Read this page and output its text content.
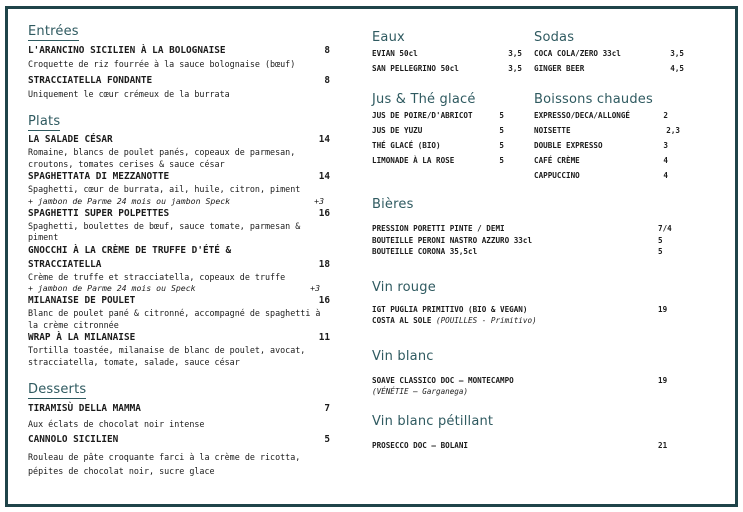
Entrées
L'ARANCINO SICILIEN À LA BOLOGNAISE	8
Croquette de riz fourrée à la sauce bolognaise (bœuf)
STRACCIATELLA FONDANTE	8
Uniquement le cœur crémeux de la burrata
Plats
LA SALADE CÉSAR	14
Romaine, blancs de poulet panés, copeaux de parmesan, croutons, tomates cerises & sauce césar
SPAGHETTATA DI MEZZANOTTE	14
Spaghetti, cœur de burrata, ail, huile, citron, piment
+ jambon de Parme 24 mois ou jambon Speck	+3
SPAGHETTI SUPER POLPETTES	16
Spaghetti, boulettes de bœuf, sauce tomate, parmesan & piment
GNOCCHI À LA CRÈME DE TRUFFE D'ÉTÉ &
STRACCIATELLA	18
Crème de truffe et stracciatella, copeaux de truffe
+ jambon de Parme 24 mois ou Speck	+3
MILANAISE DE POULET	16
Blanc de poulet pané & citronné, accompagné de spaghetti à la crème citronnée
WRAP À LA MILANAISE	11
Tortilla toastée, milanaise de blanc de poulet, avocat, stracciatella, tomate, salade, sauce césar
Desserts
TIRAMISÙ DELLA MAMMA	7
Aux éclats de chocolat noir intense
CANNOLO SICILIEN	5
Rouleau de pâte croquante farci à la crème de ricotta, pépites de chocolat noir, sucre glace
Eaux
EVIAN 50cl	3,5
SAN PELLEGRINO 50cl	3,5
Jus & Thé glacé
JUS DE POIRE/D'ABRICOT	5
JUS DE YUZU	5
THÉ GLACÉ (BIO)	5
LIMONADE À LA ROSE	5
Sodas
COCA COLA/ZERO 33cl	3,5
GINGER BEER	4,5
Boissons chaudes
EXPRESSO/DECA/ALLONGÉ	2
NOISETTE	2,3
DOUBLE EXPRESSO	3
CAFÉ CRÈME	4
CAPPUCCINO	4
Bières
PRESSION PORETTI PINTE / DEMI	7/4
BOUTEILLE PERONI NASTRO AZZURO 33cl	5
BOUTEILLE CORONA 35,5cl	5
Vin rouge
IGT PUGLIA PRIMITIVO (BIO & VEGAN)	19
COSTA AL SOLE (POUILLES - Primitivo)
Vin blanc
SOAVE CLASSICO DOC — MONTECAMPO	19
(VÉNÉTIE — Garganega)
Vin blanc pétillant
PROSECCO DOC — BOLANI	21
